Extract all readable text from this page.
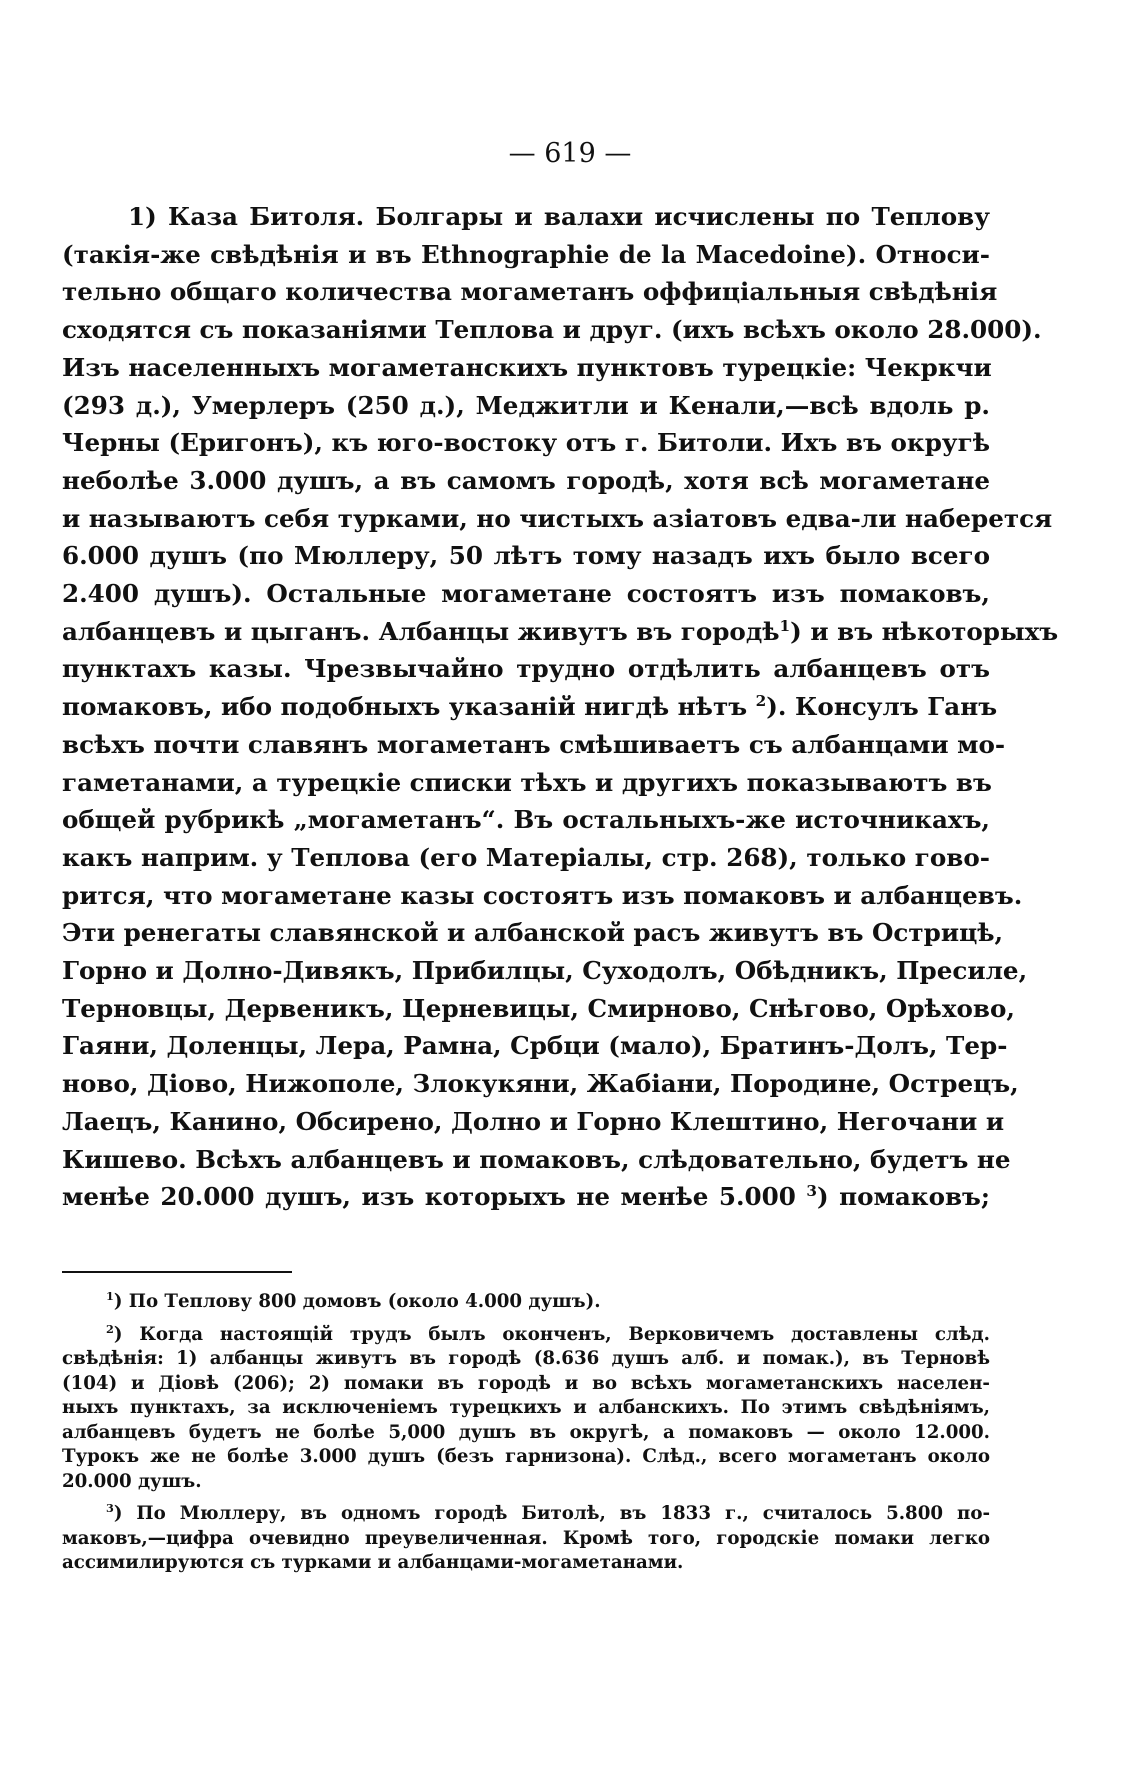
— 619 —
1) Каза Битоля. Болгары и валахи исчислены по Теплову
(такія-же свѣдѣнія и въ Ethnographie de la Macedoine). Относи-
тельно общаго количества могаметанъ оффиціальныя свѣдѣнія
сходятся съ показаніями Теплова и друг. (ихъ всѣхъ около 28.000).
Изъ населенныхъ могаметанскихъ пунктовъ турецкіе: Чекркчи
(293 д.), Умерлеръ (250 д.), Меджитли и Кенали,—всѣ вдоль р.
Черны (Еригонъ), къ юго-востоку отъ г. Битоли. Ихъ въ округѣ
неболѣе 3.000 душъ, а въ самомъ городѣ, хотя всѣ могаметане
и называютъ себя турками, но чистыхъ азіатовъ едва-ли наберется
6.000 душъ (по Мюллеру, 50 лѣтъ тому назадъ ихъ было всего
2.400 душъ). Остальные могаметане состоятъ изъ помаковъ,
албанцевъ и цыганъ. Албанцы живутъ въ городѣ$^1$) и въ нѣкоторыхъ
пунктахъ казы. Чрезвычайно трудно отдѣлить албанцевъ отъ
помаковъ, ибо подобныхъ указаній нигдѣ нѣтъ $^2$). Консулъ Ганъ
всѣхъ почти славянъ могаметанъ смѣшиваетъ съ албанцами мо-
гаметанами, а турецкіе списки тѣхъ и другихъ показываютъ въ
общей рубрикѣ „могаметанъ“. Въ остальныхъ-же источникахъ,
какъ наприм. у Теплова (его Матеріалы, стр. 268), только гово-
рится, что могаметане казы состоятъ изъ помаковъ и албанцевъ.
Эти ренегаты славянской и албанской расъ живутъ въ Острицѣ,
Горно и Долно-Дивякъ, Прибилцы, Суходолъ, Обѣдникъ, Пресиле,
Терновцы, Дервеникъ, Церневицы, Смирново, Снѣгово, Орѣхово,
Гаяни, Доленцы, Лера, Рамна, Србци (мало), Братинъ-Долъ, Тер-
ново, Діово, Нижополе, Злокукяни, Жабіани, Породине, Острецъ,
Лаецъ, Канино, Обсирено, Долно и Горно Клештино, Негочани и
Кишево. Всѣхъ албанцевъ и помаковъ, слѣдовательно, будетъ не
менѣе 20.000 душъ, изъ которыхъ не менѣе 5.000 $^3$) помаковъ;
$^1$) По Теплову 800 домовъ (около 4.000 душъ).
$^2$) Когда настоящій трудъ былъ оконченъ, Верковичемъ доставлены слѣд.
свѣдѣнія: 1) албанцы живутъ въ городѣ (8.636 душъ алб. и помак.), въ Терновѣ
(104) и Діовѣ (206); 2) помаки въ городѣ и во всѣхъ могаметанскихъ населен-
ныхъ пунктахъ, за исключеніемъ турецкихъ и албанскихъ. По этимъ свѣдѣніямъ,
албанцевъ будетъ не болѣе 5,000 душъ въ округѣ, а помаковъ — около 12.000.
Турокъ же не болѣе 3.000 душъ (безъ гарнизона). Слѣд., всего могаметанъ около
20.000 душъ.
$^3$) По Мюллеру, въ одномъ городѣ Битолѣ, въ 1833 г., считалось 5.800 по-
маковъ,—цифра очевидно преувеличенная. Кромѣ того, городскіе помаки легко
ассимилируются съ турками и албанцами-могаметанами.
